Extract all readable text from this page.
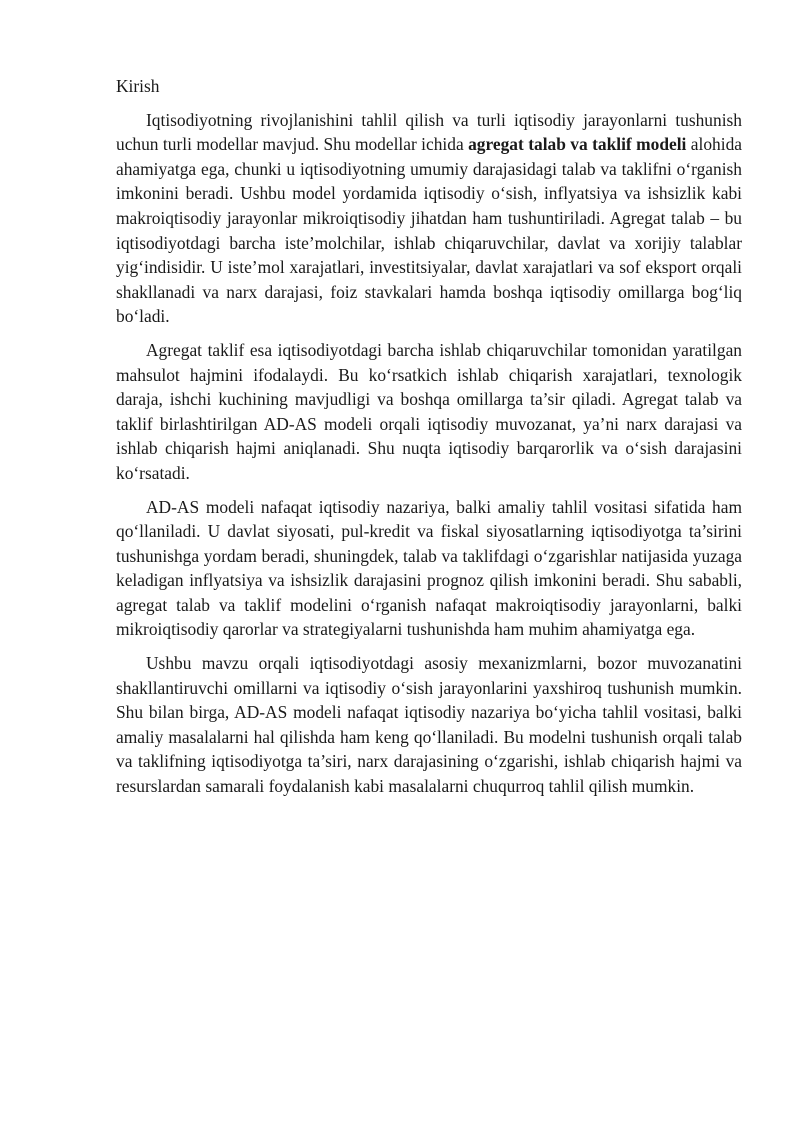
Kirish

Iqtisodiyotning rivojlanishini tahlil qilish va turli iqtisodiy jarayonlarni tushunish uchun turli modellar mavjud. Shu modellar ichida agregat talab va taklif modeli alohida ahamiyatga ega, chunki u iqtisodiyotning umumiy darajasidagi talab va taklifni o‘rganish imkonini beradi. Ushbu model yordamida iqtisodiy o‘sish, inflyatsiya va ishsizlik kabi makroiqtisodiy jarayonlar mikroiqtisodiy jihatdan ham tushuntiriladi. Agregat talab – bu iqtisodiyotdagi barcha iste’molchilar, ishlab chiqaruvchilar, davlat va xorijiy talablar yig‘indisidir. U iste’mol xarajatlari, investitsiyalar, davlat xarajatlari va sof eksport orqali shakllanadi va narx darajasi, foiz stavkalari hamda boshqa iqtisodiy omillarga bog‘liq bo‘ladi.

Agregat taklif esa iqtisodiyotdagi barcha ishlab chiqaruvchilar tomonidan yaratilgan mahsulot hajmini ifodalaydi. Bu ko‘rsatkich ishlab chiqarish xarajatlari, texnologik daraja, ishchi kuchining mavjudligi va boshqa omillarga ta’sir qiladi. Agregat talab va taklif birlashtirilgan AD-AS modeli orqali iqtisodiy muvozanat, ya’ni narx darajasi va ishlab chiqarish hajmi aniqlanadi. Shu nuqta iqtisodiy barqarorlik va o‘sish darajasini ko‘rsatadi.

AD-AS modeli nafaqat iqtisodiy nazariya, balki amaliy tahlil vositasi sifatida ham qo‘llaniladi. U davlat siyosati, pul-kredit va fiskal siyosatlarning iqtisodiyotga ta’sirini tushunishga yordam beradi, shuningdek, talab va taklifdagi o‘zgarishlar natijasida yuzaga keladigan inflyatsiya va ishsizlik darajasini prognoz qilish imkonini beradi. Shu sababli, agregat talab va taklif modelini o‘rganish nafaqat makroiqtisodiy jarayonlarni, balki mikroiqtisodiy qarorlar va strategiyalarni tushunishda ham muhim ahamiyatga ega.

Ushbu mavzu orqali iqtisodiyotdagi asosiy mexanizmlarni, bozor muvozanatini shakllantiruvchi omillarni va iqtisodiy o‘sish jarayonlarini yaxshiroq tushunish mumkin. Shu bilan birga, AD-AS modeli nafaqat iqtisodiy nazariya bo‘yicha tahlil vositasi, balki amaliy masalalarni hal qilishda ham keng qo‘llaniladi. Bu modelni tushunish orqali talab va taklifning iqtisodiyotga ta’siri, narx darajasining o‘zgarishi, ishlab chiqarish hajmi va resurslardan samarali foydalanish kabi masalalarni chuqurroq tahlil qilish mumkin.
